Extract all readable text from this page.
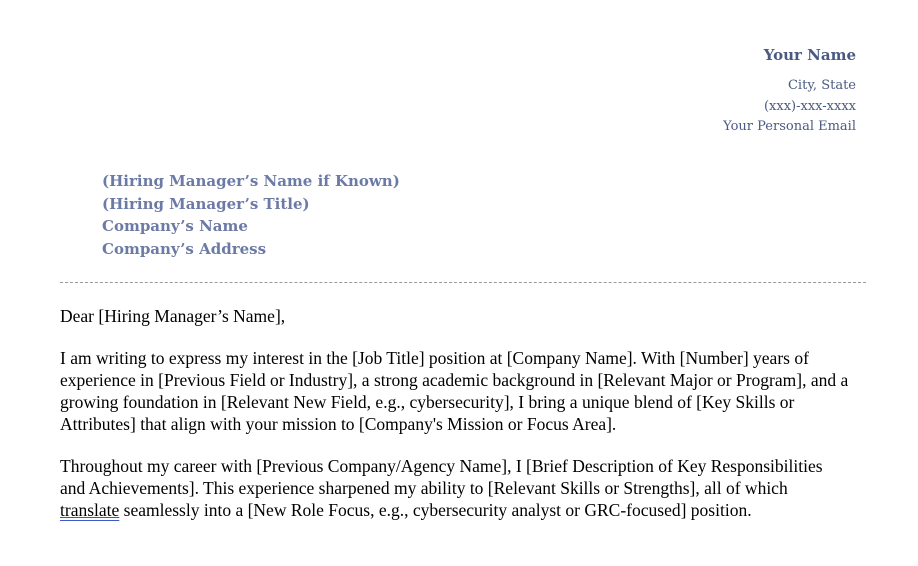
Your Name
City, State
(xxx)-xxx-xxxx
Your Personal Email
(Hiring Manager’s Name if Known)
(Hiring Manager’s Title)
Company’s Name
Company’s Address

Dear [Hiring Manager’s Name],

I am writing to express my interest in the [Job Title] position at [Company Name]. With [Number] years of experience in [Previous Field or Industry], a strong academic background in [Relevant Major or Program], and a growing foundation in [Relevant New Field, e.g., cybersecurity], I bring a unique blend of [Key Skills or Attributes] that align with your mission to [Company's Mission or Focus Area].

Throughout my career with [Previous Company/Agency Name], I [Brief Description of Key Responsibilities and Achievements]. This experience sharpened my ability to [Relevant Skills or Strengths], all of which translate seamlessly into a [New Role Focus, e.g., cybersecurity analyst or GRC-focused] position.
